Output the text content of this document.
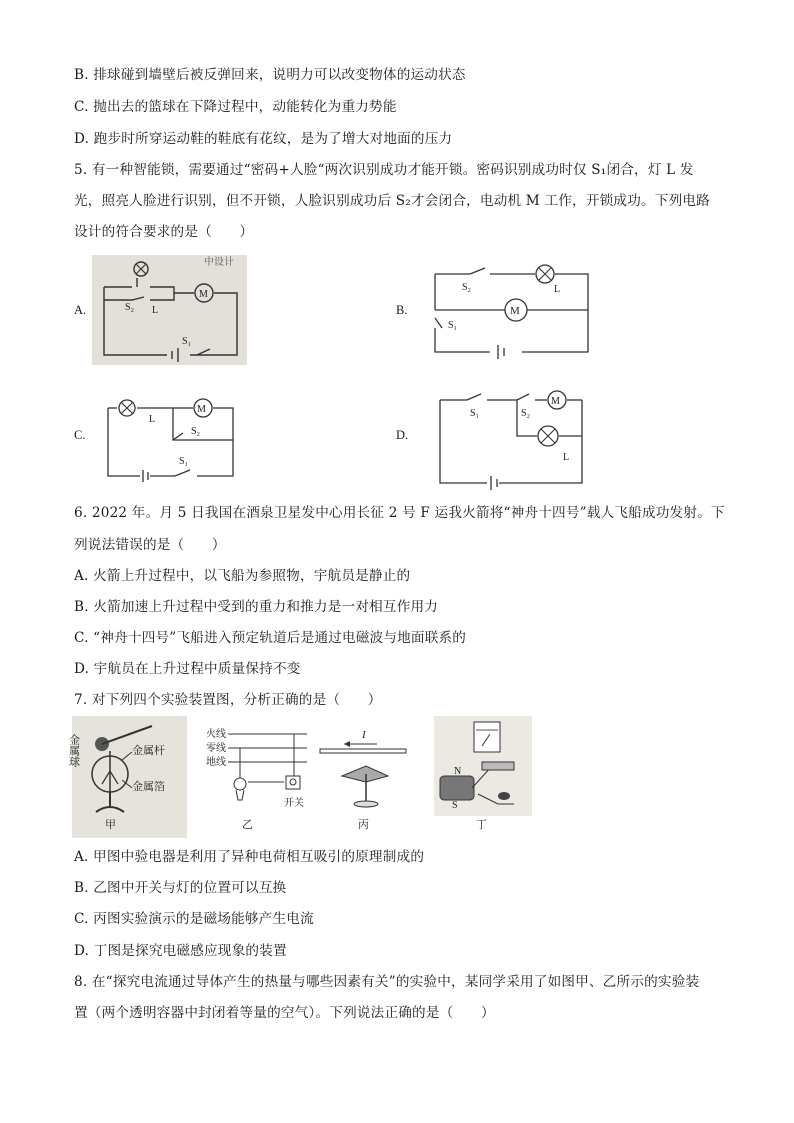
B. 排球碰到墙壁后被反弹回来，说明力可以改变物体的运动状态
C. 抛出去的篮球在下降过程中，动能转化为重力势能
D. 跑步时所穿运动鞋的鞋底有花纹，是为了增大对地面的压力
5. 有一种智能锁，需要通过“密码+人脸“两次识别成功才能开锁。密码识别成功时仅 S₁闭合，灯 L 发
光，照亮人脸进行识别，但不开锁，人脸识别成功后 S₂才会闭合，电动机 M 工作，开锁成功。下列电路
设计的符合要求的是（　　）
A.	B.
C.	D.
中设计
M
S₂ L
S₁
M
S₂	L
S₁
M
L
S₂
S₁
M
S₁	S₂
L
6. 2022 年。月 5 日我国在酒泉卫星发中心用长征 2 号 F 运我火箭将“神舟十四号”载人飞船成功发射。下
列说法错误的是（　　）
A. 火箭上升过程中，以飞船为参照物，宇航员是静止的
B. 火箭加速上升过程中受到的重力和推力是一对相互作用力
C. “神舟十四号”飞船进入预定轨道后是通过电磁波与地面联系的
D. 宇航员在上升过程中质量保持不变
7. 对下列四个实验装置图，分析正确的是（　　）
金属球	金属杆
金属箔
甲
火线
零线
地线
开关
乙
I
丙
N
S
丁
A. 甲图中验电器是利用了异种电荷相互吸引的原理制成的
B. 乙图中开关与灯的位置可以互换
C. 丙图实验演示的是磁场能够产生电流
D. 丁图是探究电磁感应现象的装置
8. 在“探究电流通过导体产生的热量与哪些因素有关”的实验中，某同学采用了如图甲、乙所示的实验装
置（两个透明容器中封闭着等量的空气）。下列说法正确的是（　　）
